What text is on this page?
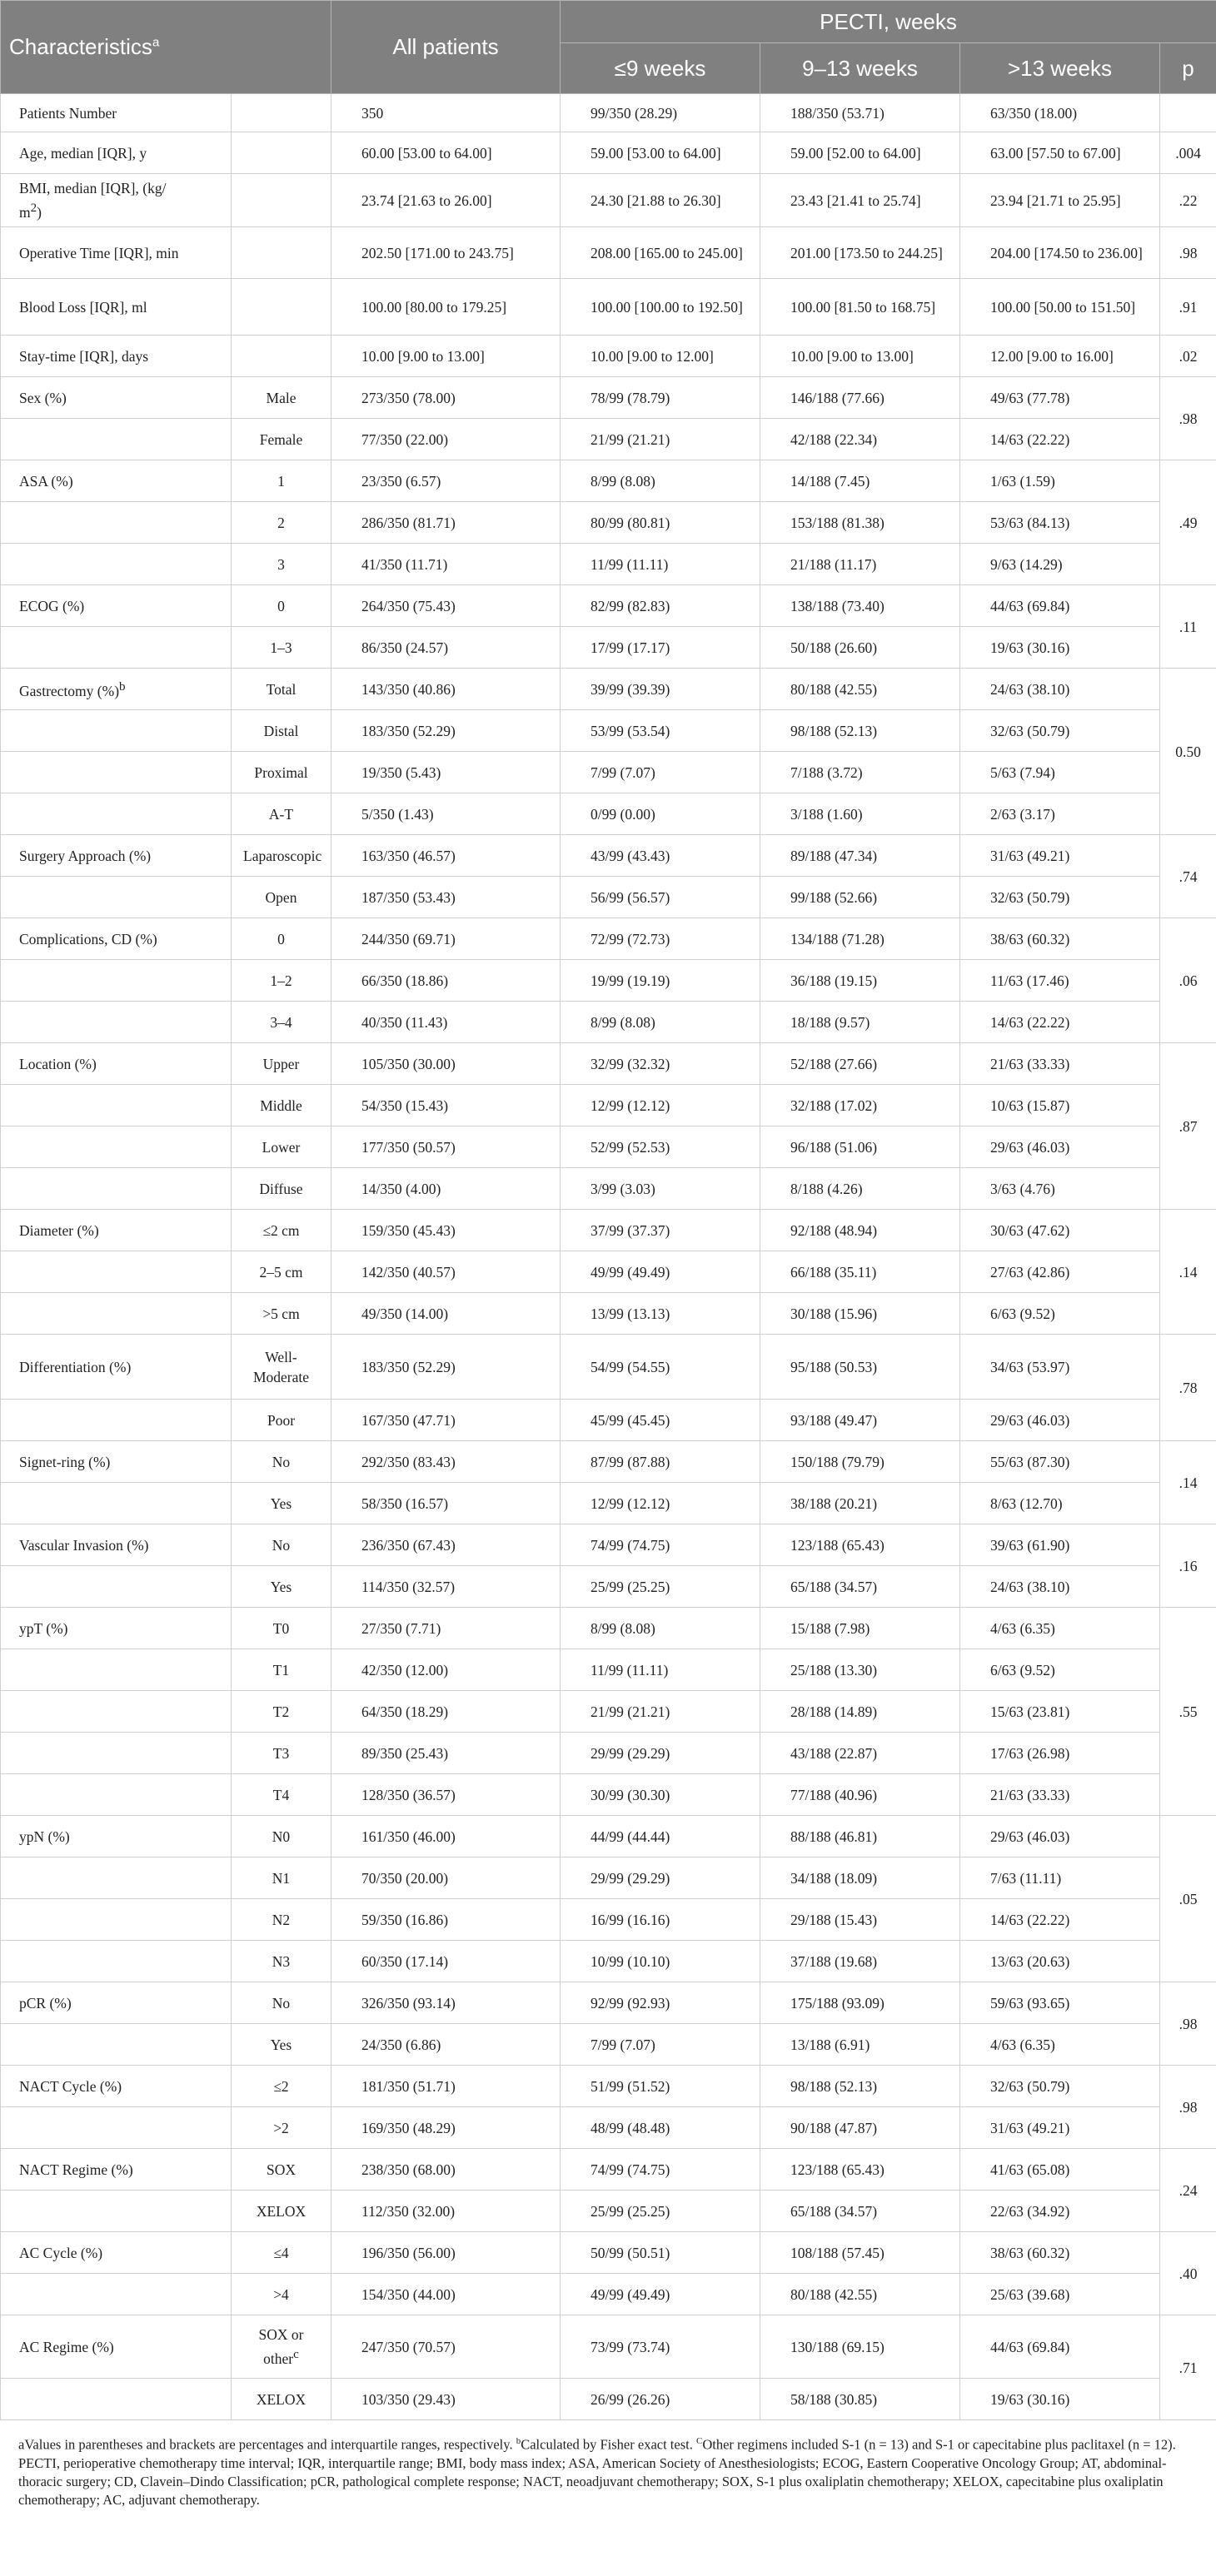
Characteristics$^a$		All patients	PECTI, weeks			
			≤9 weeks	9–13 weeks	>13 weeks	p
Patients Number		350	99/350 (28.29)	188/350 (53.71)	63/350 (18.00)	
Age, median [IQR], y		60.00 [53.00 to 64.00]	59.00 [53.00 to 64.00]	59.00 [52.00 to 64.00]	63.00 [57.50 to 67.00]	.004
BMI, median [IQR], (kg/
$m^2$)		23.74 [21.63 to 26.00]	24.30 [21.88 to 26.30]	23.43 [21.41 to 25.74]	23.94 [21.71 to 25.95]	.22
Operative Time [IQR], min		202.50 [171.00 to 243.75]	208.00 [165.00 to 245.00]	201.00 [173.50 to 244.25]	204.00 [174.50 to 236.00]	.98
Blood Loss [IQR], ml		100.00 [80.00 to 179.25]	100.00 [100.00 to 192.50]	100.00 [81.50 to 168.75]	100.00 [50.00 to 151.50]	.91
Stay-time [IQR], days		10.00 [9.00 to 13.00]	10.00 [9.00 to 12.00]	10.00 [9.00 to 13.00]	12.00 [9.00 to 16.00]	.02
Sex (%)	Male	273/350 (78.00)	78/99 (78.79)	146/188 (77.66)	49/63 (77.78)	.98
	Female	77/350 (22.00)	21/99 (21.21)	42/188 (22.34)	14/63 (22.22)	
ASA (%)	1	23/350 (6.57)	8/99 (8.08)	14/188 (7.45)	1/63 (1.59)	.49
	2	286/350 (81.71)	80/99 (80.81)	153/188 (81.38)	53/63 (84.13)	
	3	41/350 (11.71)	11/99 (11.11)	21/188 (11.17)	9/63 (14.29)	
ECOG (%)	0	264/350 (75.43)	82/99 (82.83)	138/188 (73.40)	44/63 (69.84)	.11
	1–3	86/350 (24.57)	17/99 (17.17)	50/188 (26.60)	19/63 (30.16)	
Gastrectomy (%)$^b$	Total	143/350 (40.86)	39/99 (39.39)	80/188 (42.55)	24/63 (38.10)	0.50
	Distal	183/350 (52.29)	53/99 (53.54)	98/188 (52.13)	32/63 (50.79)	
	Proximal	19/350 (5.43)	7/99 (7.07)	7/188 (3.72)	5/63 (7.94)	
	A-T	5/350 (1.43)	0/99 (0.00)	3/188 (1.60)	2/63 (3.17)	
Surgery Approach (%)	Laparoscopic	163/350 (46.57)	43/99 (43.43)	89/188 (47.34)	31/63 (49.21)	.74
	Open	187/350 (53.43)	56/99 (56.57)	99/188 (52.66)	32/63 (50.79)	
Complications, CD (%)	0	244/350 (69.71)	72/99 (72.73)	134/188 (71.28)	38/63 (60.32)	.06
	1–2	66/350 (18.86)	19/99 (19.19)	36/188 (19.15)	11/63 (17.46)	
	3–4	40/350 (11.43)	8/99 (8.08)	18/188 (9.57)	14/63 (22.22)	
Location (%)	Upper	105/350 (30.00)	32/99 (32.32)	52/188 (27.66)	21/63 (33.33)	.87
	Middle	54/350 (15.43)	12/99 (12.12)	32/188 (17.02)	10/63 (15.87)	
	Lower	177/350 (50.57)	52/99 (52.53)	96/188 (51.06)	29/63 (46.03)	
	Diffuse	14/350 (4.00)	3/99 (3.03)	8/188 (4.26)	3/63 (4.76)	
Diameter (%)	≤2 cm	159/350 (45.43)	37/99 (37.37)	92/188 (48.94)	30/63 (47.62)	.14
	2–5 cm	142/350 (40.57)	49/99 (49.49)	66/188 (35.11)	27/63 (42.86)	
	>5 cm	49/350 (14.00)	13/99 (13.13)	30/188 (15.96)	6/63 (9.52)	
Differentiation (%)	Well-Moderate	183/350 (52.29)	54/99 (54.55)	95/188 (50.53)	34/63 (53.97)	.78
	Poor	167/350 (47.71)	45/99 (45.45)	93/188 (49.47)	29/63 (46.03)	
Signet-ring (%)	No	292/350 (83.43)	87/99 (87.88)	150/188 (79.79)	55/63 (87.30)	.14
	Yes	58/350 (16.57)	12/99 (12.12)	38/188 (20.21)	8/63 (12.70)	
Vascular Invasion (%)	No	236/350 (67.43)	74/99 (74.75)	123/188 (65.43)	39/63 (61.90)	.16
	Yes	114/350 (32.57)	25/99 (25.25)	65/188 (34.57)	24/63 (38.10)	
ypT (%)	T0	27/350 (7.71)	8/99 (8.08)	15/188 (7.98)	4/63 (6.35)	.55
	T1	42/350 (12.00)	11/99 (11.11)	25/188 (13.30)	6/63 (9.52)	
	T2	64/350 (18.29)	21/99 (21.21)	28/188 (14.89)	15/63 (23.81)	
	T3	89/350 (25.43)	29/99 (29.29)	43/188 (22.87)	17/63 (26.98)	
	T4	128/350 (36.57)	30/99 (30.30)	77/188 (40.96)	21/63 (33.33)	
ypN (%)	N0	161/350 (46.00)	44/99 (44.44)	88/188 (46.81)	29/63 (46.03)	.05
	N1	70/350 (20.00)	29/99 (29.29)	34/188 (18.09)	7/63 (11.11)	
	N2	59/350 (16.86)	16/99 (16.16)	29/188 (15.43)	14/63 (22.22)	
	N3	60/350 (17.14)	10/99 (10.10)	37/188 (19.68)	13/63 (20.63)	
pCR (%)	No	326/350 (93.14)	92/99 (92.93)	175/188 (93.09)	59/63 (93.65)	.98
	Yes	24/350 (6.86)	7/99 (7.07)	13/188 (6.91)	4/63 (6.35)	
NACT Cycle (%)	≤2	181/350 (51.71)	51/99 (51.52)	98/188 (52.13)	32/63 (50.79)	.98
	>2	169/350 (48.29)	48/99 (48.48)	90/188 (47.87)	31/63 (49.21)	
NACT Regime (%)	SOX	238/350 (68.00)	74/99 (74.75)	123/188 (65.43)	41/63 (65.08)	.24
	XELOX	112/350 (32.00)	25/99 (25.25)	65/188 (34.57)	22/63 (34.92)	
AC Cycle (%)	≤4	196/350 (56.00)	50/99 (50.51)	108/188 (57.45)	38/63 (60.32)	.40
	>4	154/350 (44.00)	49/99 (49.49)	80/188 (42.55)	25/63 (39.68)	
AC Regime (%)	SOX or other$^c$	247/350 (70.57)	73/99 (73.74)	130/188 (69.15)	44/63 (69.84)	.71
	XELOX	103/350 (29.43)	26/99 (26.26)	58/188 (30.85)	19/63 (30.16)	
aValues in parentheses and brackets are percentages and interquartile ranges, respectively. $^b$Calculated by Fisher exact test. $^C$Other regimens included S-1 (n = 13) and S-1 or capecitabine plus paclitaxel (n = 12).
PECTI, perioperative chemotherapy time interval; IQR, interquartile range; BMI, body mass index; ASA, American Society of Anesthesiologists; ECOG, Eastern Cooperative Oncology Group; AT, abdominal-thoracic surgery; CD, Clavein–Dindo Classification; pCR, pathological complete response; NACT, neoadjuvant chemotherapy; SOX, S-1 plus oxaliplatin chemotherapy; XELOX, capecitabine plus oxaliplatin chemotherapy; AC, adjuvant chemotherapy.
